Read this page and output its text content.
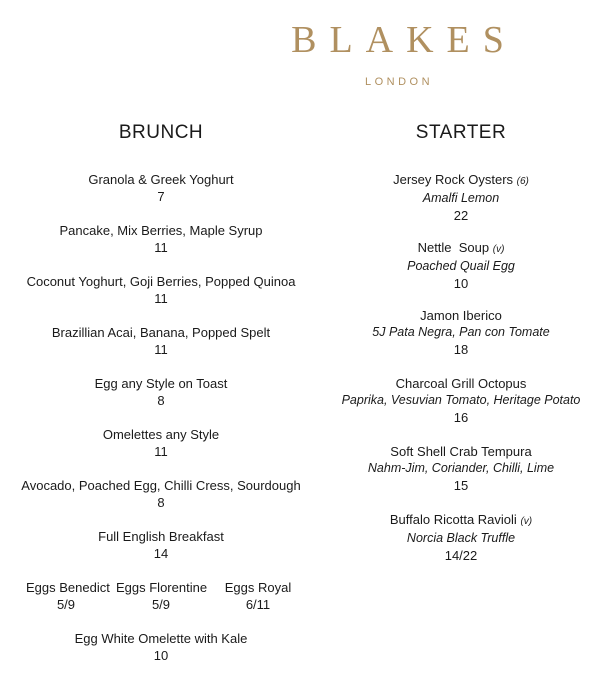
BLAKES
LONDON
BRUNCH
Granola & Greek Yoghurt
7
Pancake, Mix Berries, Maple Syrup
11
Coconut Yoghurt, Goji Berries, Popped Quinoa
11
Brazillian Acai, Banana, Popped Spelt
11
Egg any Style on Toast
8
Omelettes any Style
11
Avocado, Poached Egg, Chilli Cress, Sourdough
8
Full English Breakfast
14
Eggs Benedict
5/9
Eggs Florentine
5/9
Eggs Royal
6/11
Egg White Omelette with Kale
10
STARTER
Jersey Rock Oysters (6)
Amalfi Lemon
22
Nettle  Soup (v)
Poached Quail Egg
10
Jamon Iberico
5J Pata Negra, Pan con Tomate
18
Charcoal Grill Octopus
Paprika, Vesuvian Tomato, Heritage Potato
16
Soft Shell Crab Tempura
Nahm-Jim, Coriander, Chilli, Lime
15
Buffalo Ricotta Ravioli (v)
Norcia Black Truffle
14/22
